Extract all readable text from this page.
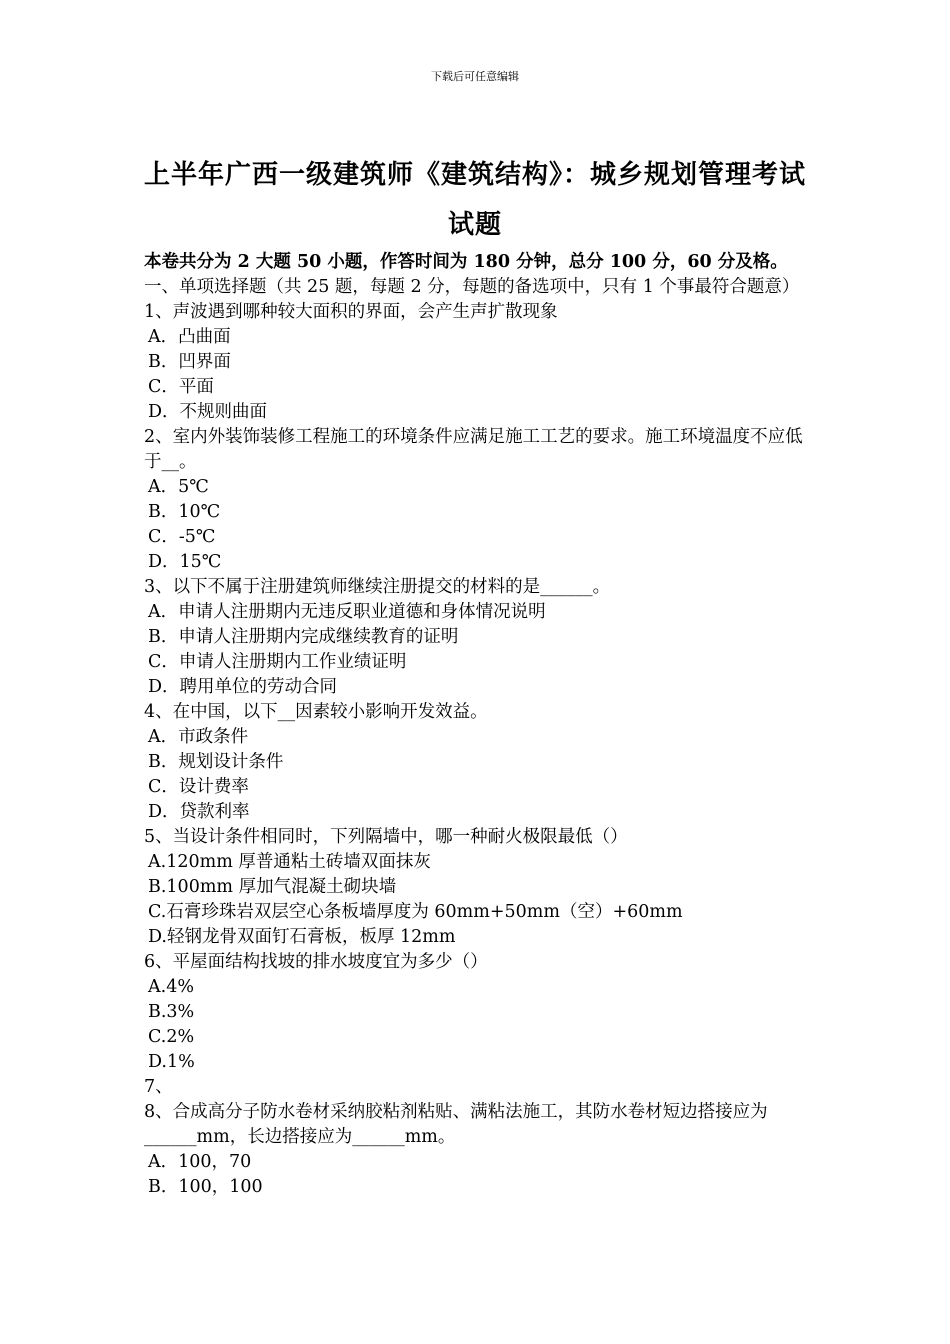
下载后可任意编辑
上半年广西一级建筑师《建筑结构》：城乡规划管理考试
试题
本卷共分为 2 大题 50 小题，作答时间为 180 分钟，总分 100 分，60 分及格。
一、单项选择题（共 25 题，每题 2 分，每题的备选项中，只有 1 个事最符合题意）
1、声波遇到哪种较大面积的界面，会产生声扩散现象
A．凸曲面
B．凹界面
C．平面
D．不规则曲面
2、室内外装饰装修工程施工的环境条件应满足施工工艺的要求。施工环境温度不应低于__。
A．5℃
B．10℃
C．-5℃
D．15℃
3、以下不属于注册建筑师继续注册提交的材料的是______。
A．申请人注册期内无违反职业道德和身体情况说明
B．申请人注册期内完成继续教育的证明
C．申请人注册期内工作业绩证明
D．聘用单位的劳动合同
4、在中国，以下__因素较小影响开发效益。
A．市政条件
B．规划设计条件
C．设计费率
D．贷款利率
5、当设计条件相同时，下列隔墙中，哪一种耐火极限最低（）
A.120mm 厚普通粘土砖墙双面抹灰
B.100mm 厚加气混凝土砌块墙
C.石膏珍珠岩双层空心条板墙厚度为 60mm+50mm（空）+60mm
D.轻钢龙骨双面钉石膏板，板厚 12mm
6、平屋面结构找坡的排水坡度宜为多少（）
A.4%
B.3%
C.2%
D.1%
7、
8、合成高分子防水卷材采纳胶粘剂粘贴、满粘法施工，其防水卷材短边搭接应为______mm，长边搭接应为______mm。
A．100，70
B．100，100
